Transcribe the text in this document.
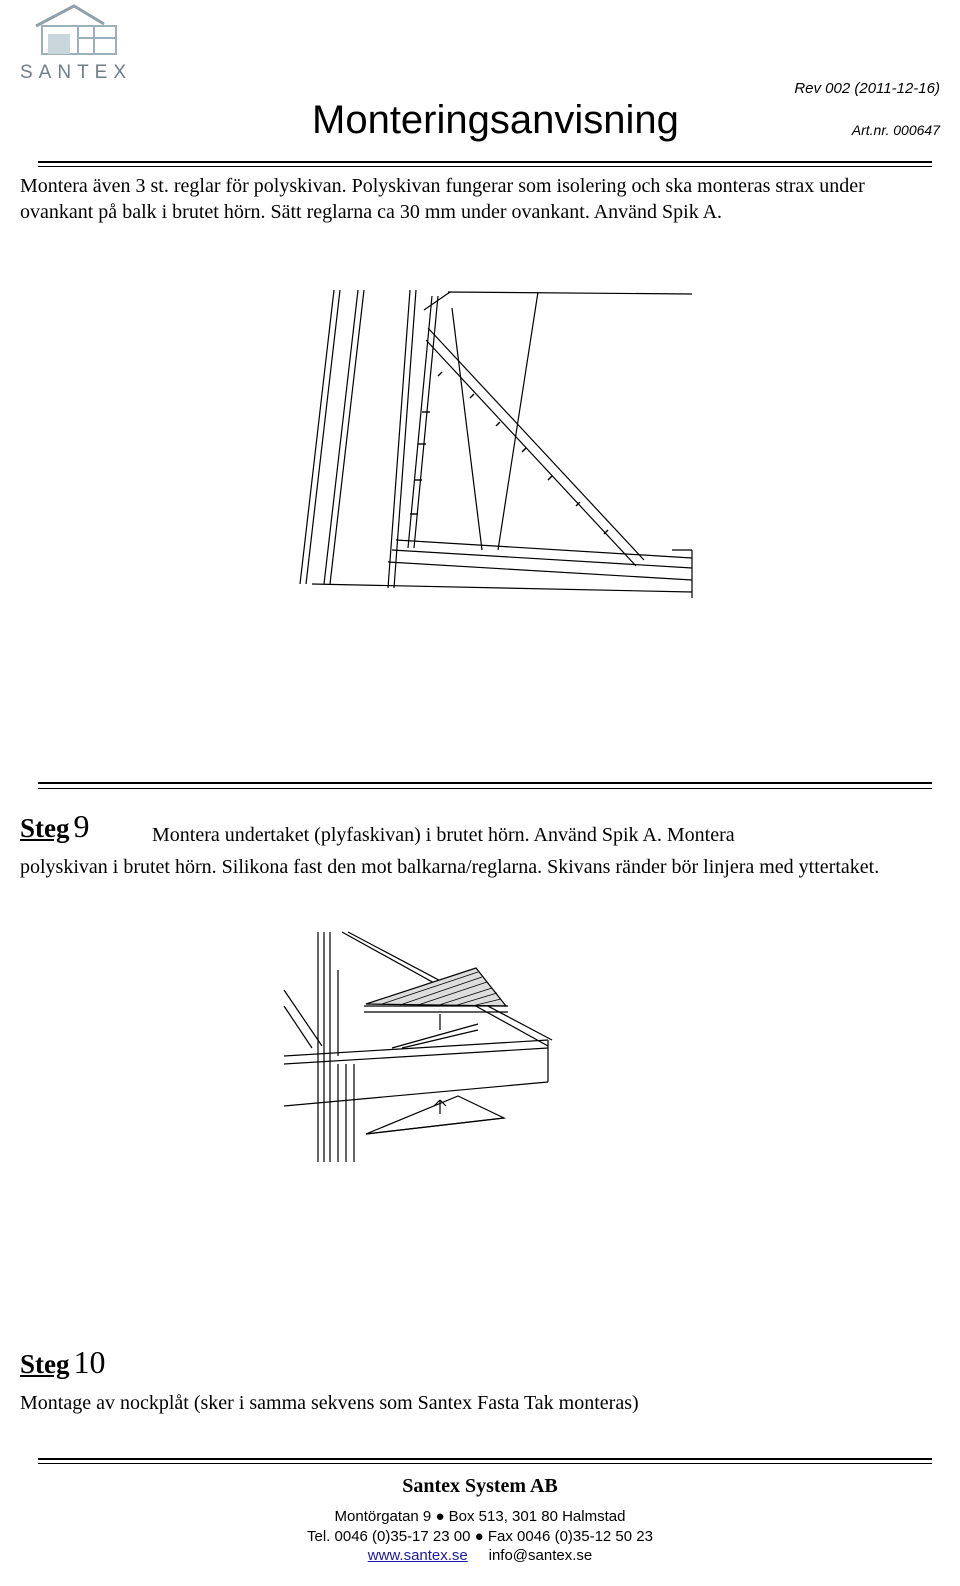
SANTEX
Monteringsanvisning
Rev 002 (2011-12-16)
Art.nr. 000647
Montera även 3 st. reglar för polyskivan. Polyskivan fungerar som isolering och ska monteras strax under ovankant på balk i brutet hörn. Sätt reglarna ca 30 mm under ovankant. Använd Spik A.
Steg 9	Montera undertaket (plyfaskivan) i brutet hörn. Använd Spik A. Montera
polyskivan i brutet hörn. Silikona fast den mot balkarna/reglarna. Skivans ränder bör linjera med yttertaket.
Steg 10
Montage av nockplåt (sker i samma sekvens som Santex Fasta Tak monteras)
Santex System AB
Montörgatan 9 ● Box 513, 301 80 Halmstad
Tel. 0046 (0)35-17 23 00 ● Fax 0046 (0)35-12 50 23
www.santex.se info@santex.se
